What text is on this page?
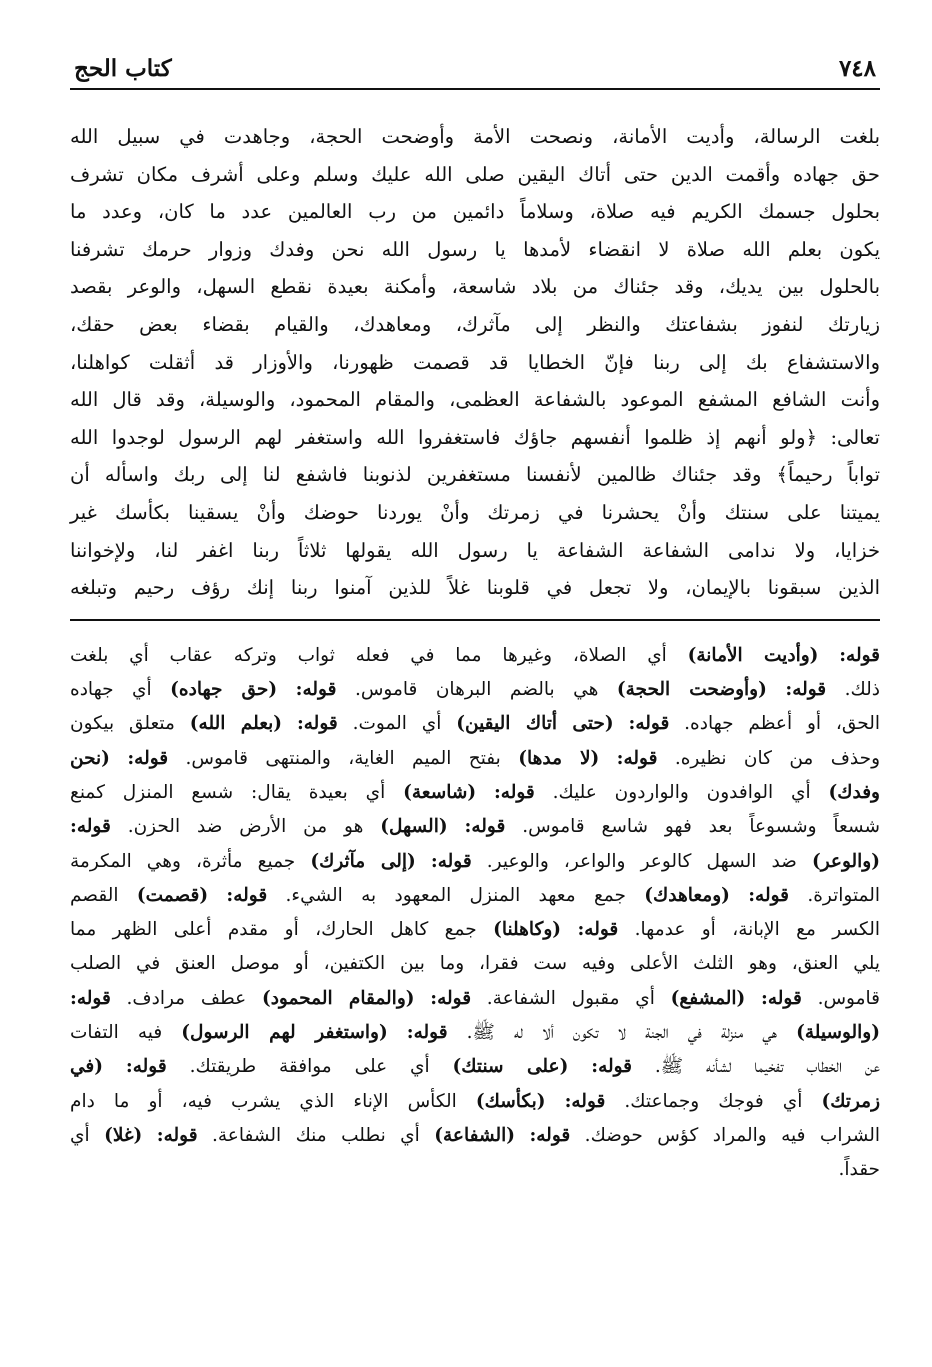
٧٤٨
كتاب الحج
بلغت الرسالة، وأديت الأمانة، ونصحت الأمة وأوضحت الحجة، وجاهدت في سبيل الله
حق جهاده وأقمت الدين حتى أتاك اليقين صلى الله عليك وسلم وعلى أشرف مكان تشرف
بحلول جسمك الكريم فيه صلاة، وسلاماً دائمين من رب العالمين عدد ما كان، وعدد ما
يكون بعلم الله صلاة لا انقضاء لأمدها يا رسول الله نحن وفدك وزوار حرمك تشرفنا
بالحلول بين يديك، وقد جئناك من بلاد شاسعة، وأمكنة بعيدة نقطع السهل، والوعر بقصد
زيارتك لنفوز بشفاعتك والنظر إلى مآثرك، ومعاهدك، والقيام بقضاء بعض حقك،
والاستشفاع بك إلى ربنا فإنّ الخطايا قد قصمت ظهورنا، والأوزار قد أثقلت كواهلنا،
وأنت الشافع المشفع الموعود بالشفاعة العظمى، والمقام المحمود، والوسيلة، وقد قال الله
تعالى: ﴿ولو أنهم إذ ظلموا أنفسهم جاؤك فاستغفروا الله واستغفر لهم الرسول لوجدوا الله
تواباً رحيماً﴾ وقد جئناك ظالمين لأنفسنا مستغفرين لذنوبنا فاشفع لنا إلى ربك واسأله أن
يميتنا على سنتك وأنْ يحشرنا في زمرتك وأنْ يوردنا حوضك وأنْ يسقينا بكأسك غير
خزايا، ولا ندامى الشفاعة الشفاعة يا رسول الله يقولها ثلاثاً ربنا اغفر لنا، ولإخواننا
الذين سبقونا بالإيمان، ولا تجعل في قلوبنا غلاً للذين آمنوا ربنا إنك رؤف رحيم وتبلغه
قوله: (وأديت الأمانة) أي الصلاة، وغيرها مما في فعله ثواب وتركه عقاب أي بلغت
ذلك. قوله: (وأوضحت الحجة) هي بالضم البرهان قاموس. قوله: (حق جهاده) أي جهاده
الحق، أو أعظم جهاده. قوله: (حتى أتاك اليقين) أي الموت. قوله: (بعلم الله) متعلق بيكون
وحذف من كان نظيره. قوله: (لا مدها) بفتح الميم الغاية، والمنتهى قاموس. قوله: (نحن
وفدك) أي الوافدون والواردون عليك. قوله: (شاسعة) أي بعيدة يقال: شسع المنزل كمنع
شسعاً وشسوعاً بعد فهو شاسع قاموس. قوله: (السهل) هو من الأرض ضد الحزن. قوله:
(والوعر) ضد السهل كالوعر والواعر، والوعير. قوله: (إلى مآثرك) جميع مأثرة، وهي المكرمة
المتواترة. قوله: (ومعاهدك) جمع معهد المنزل المعهود به الشيء. قوله: (قصمت) القصم
الكسر مع الإبانة، أو عدمها. قوله: (وكاهلنا) جمع كاهل الحارك، أو مقدم أعلى الظهر مما
يلي العنق، وهو الثلث الأعلى وفيه ست فقرا، وما بين الكتفين، أو موصل العنق في الصلب
قاموس. قوله: (المشفع) أي مقبول الشفاعة. قوله: (والمقام المحمود) عطف مرادف. قوله:
(والوسيلة) هي منزلة في الجنة لا تكون ألا له ﷺ. قوله: (واستغفر لهم الرسول) فيه التفات
عن الخطاب تفخيما لشأنه ﷺ. قوله: (على سنتك) أي على موافقة طريقتك. قوله: (في
زمرتك) أي فوجك وجماعتك. قوله: (بكأسك) الكأس الإناء الذي يشرب فيه، أو ما دام
الشراب فيه والمراد كؤس حوضك. قوله: (الشفاعة) أي نطلب منك الشفاعة. قوله: (غلا) أي
حقداً.
